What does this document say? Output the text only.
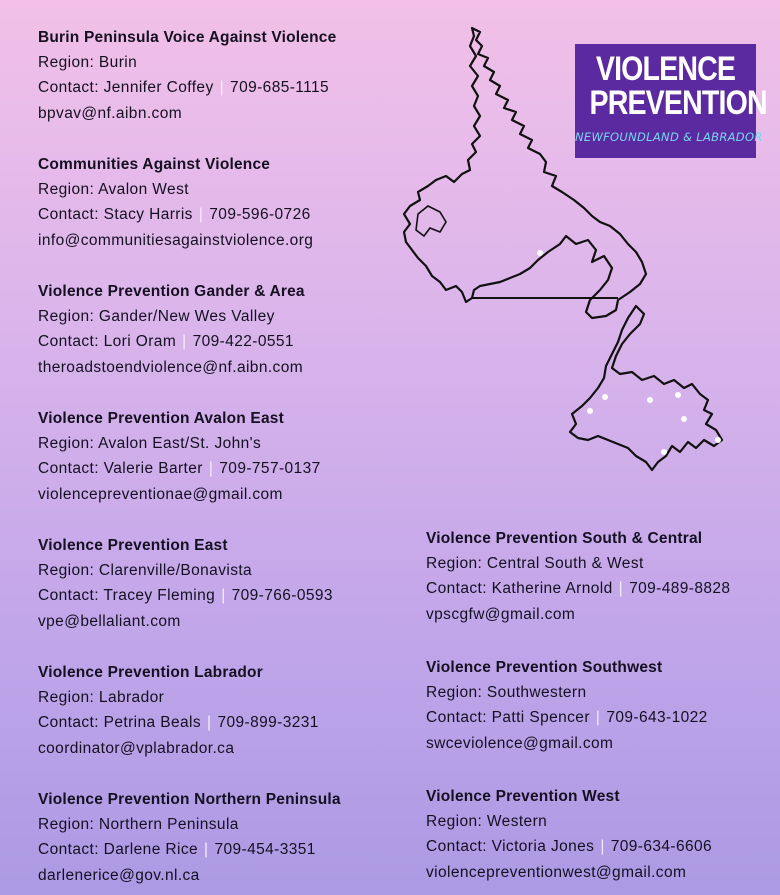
VIOLENCE
PREVENTION
NEWFOUNDLAND & LABRADOR
Burin Peninsula Voice Against Violence
Region: Burin
Contact: Jennifer Coffey | 709-685-1115
bpvav@nf.aibn.com
Communities Against Violence
Region: Avalon West
Contact: Stacy Harris | 709-596-0726
info@communitiesagainstviolence.org
Violence Prevention Gander & Area
Region: Gander/New Wes Valley
Contact: Lori Oram | 709-422-0551
theroadstoendviolence@nf.aibn.com
Violence Prevention Avalon East
Region: Avalon East/St. John's
Contact: Valerie Barter | 709-757-0137
violencepreventionae@gmail.com
Violence Prevention East
Region: Clarenville/Bonavista
Contact: Tracey Fleming | 709-766-0593
vpe@bellaliant.com
Violence Prevention Labrador
Region: Labrador
Contact: Petrina Beals | 709-899-3231
coordinator@vplabrador.ca
Violence Prevention Northern Peninsula
Region: Northern Peninsula
Contact: Darlene Rice | 709-454-3351
darlenerice@gov.nl.ca
Violence Prevention South & Central
Region: Central South & West
Contact: Katherine Arnold | 709-489-8828
vpscgfw@gmail.com
Violence Prevention Southwest
Region: Southwestern
Contact: Patti Spencer | 709-643-1022
swceviolence@gmail.com
Violence Prevention West
Region: Western
Contact: Victoria Jones | 709-634-6606
violencepreventionwest@gmail.com
